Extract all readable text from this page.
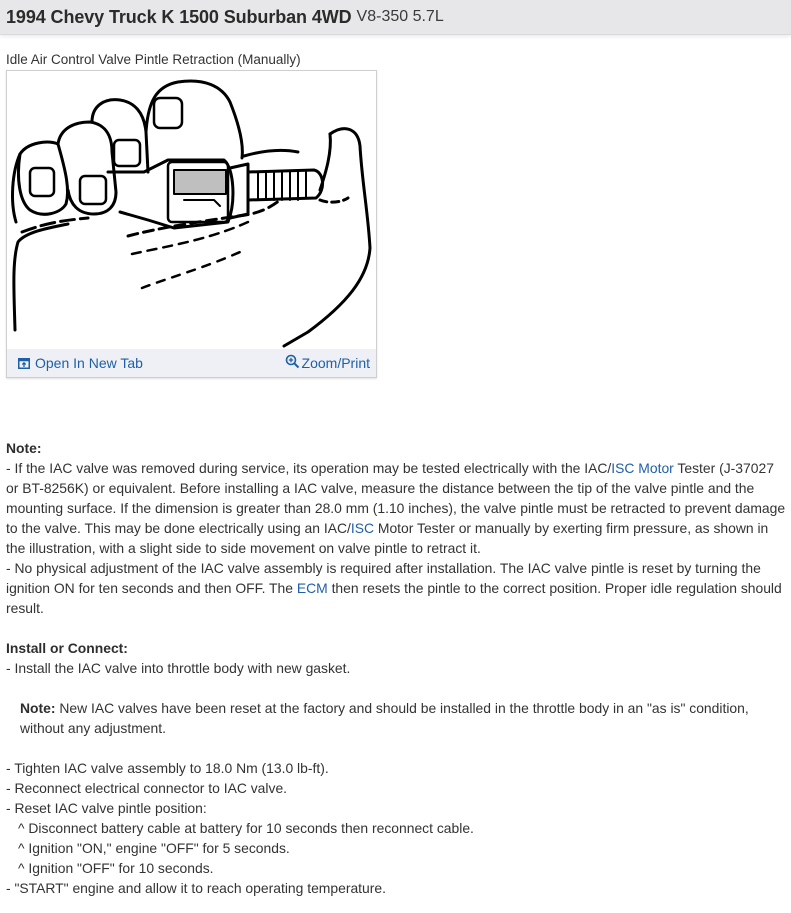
1994 Chevy Truck K 1500 Suburban 4WD V8-350 5.7L
Idle Air Control Valve Pintle Retraction (Manually)
Open In New Tab	Zoom/Print

Note:

- If the IAC valve was removed during service, its operation may be tested electrically with the IAC/ISC Motor Tester (J-37027 or BT-8256K) or equivalent. Before installing a IAC valve, measure the distance between the tip of the valve pintle and the mounting surface. If the dimension is greater than 28.0 mm (1.10 inches), the valve pintle must be retracted to prevent damage to the valve. This may be done electrically using an IAC/ISC Motor Tester or manually by exerting firm pressure, as shown in the illustration, with a slight side to side movement on valve pintle to retract it.

- No physical adjustment of the IAC valve assembly is required after installation. The IAC valve pintle is reset by turning the ignition ON for ten seconds and then OFF. The ECM then resets the pintle to the correct position. Proper idle regulation should result.

Install or Connect:

- Install the IAC valve into throttle body with new gasket.

Note: New IAC valves have been reset at the factory and should be installed in the throttle body in an "as is" condition, without any adjustment.

- Tighten IAC valve assembly to 18.0 Nm (13.0 lb-ft).

- Reconnect electrical connector to IAC valve.

- Reset IAC valve pintle position:

^ Disconnect battery cable at battery for 10 seconds then reconnect cable.

^ Ignition "ON," engine "OFF" for 5 seconds.

^ Ignition "OFF" for 10 seconds.

- "START" engine and allow it to reach operating temperature.
